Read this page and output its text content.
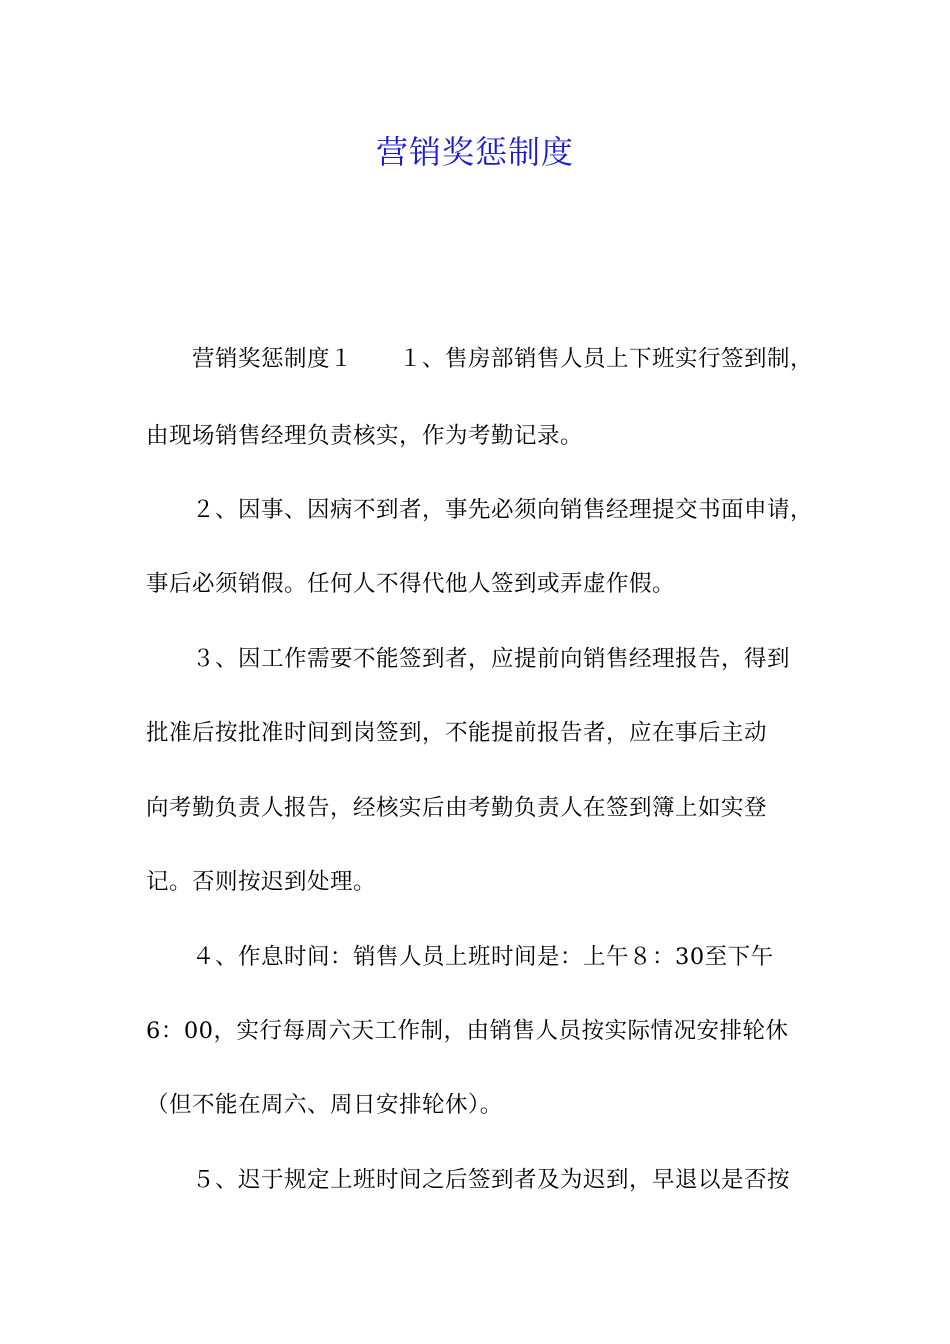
营销奖惩制度
　　营销奖惩制度１　　１、售房部销售人员上下班实行签到制，
由现场销售经理负责核实，作为考勤记录。
　　２、因事、因病不到者，事先必须向销售经理提交书面申请，
事后必须销假。任何人不得代他人签到或弄虚作假。
　　３、因工作需要不能签到者，应提前向销售经理报告，得到
批准后按批准时间到岗签到，不能提前报告者，应在事后主动
向考勤负责人报告，经核实后由考勤负责人在签到簿上如实登
记。否则按迟到处理。
　　４、作息时间：销售人员上班时间是：上午８：30至下午
6：00，实行每周六天工作制，由销售人员按实际情况安排轮休
（但不能在周六、周日安排轮休）。
　　５、迟于规定上班时间之后签到者及为迟到，早退以是否按
